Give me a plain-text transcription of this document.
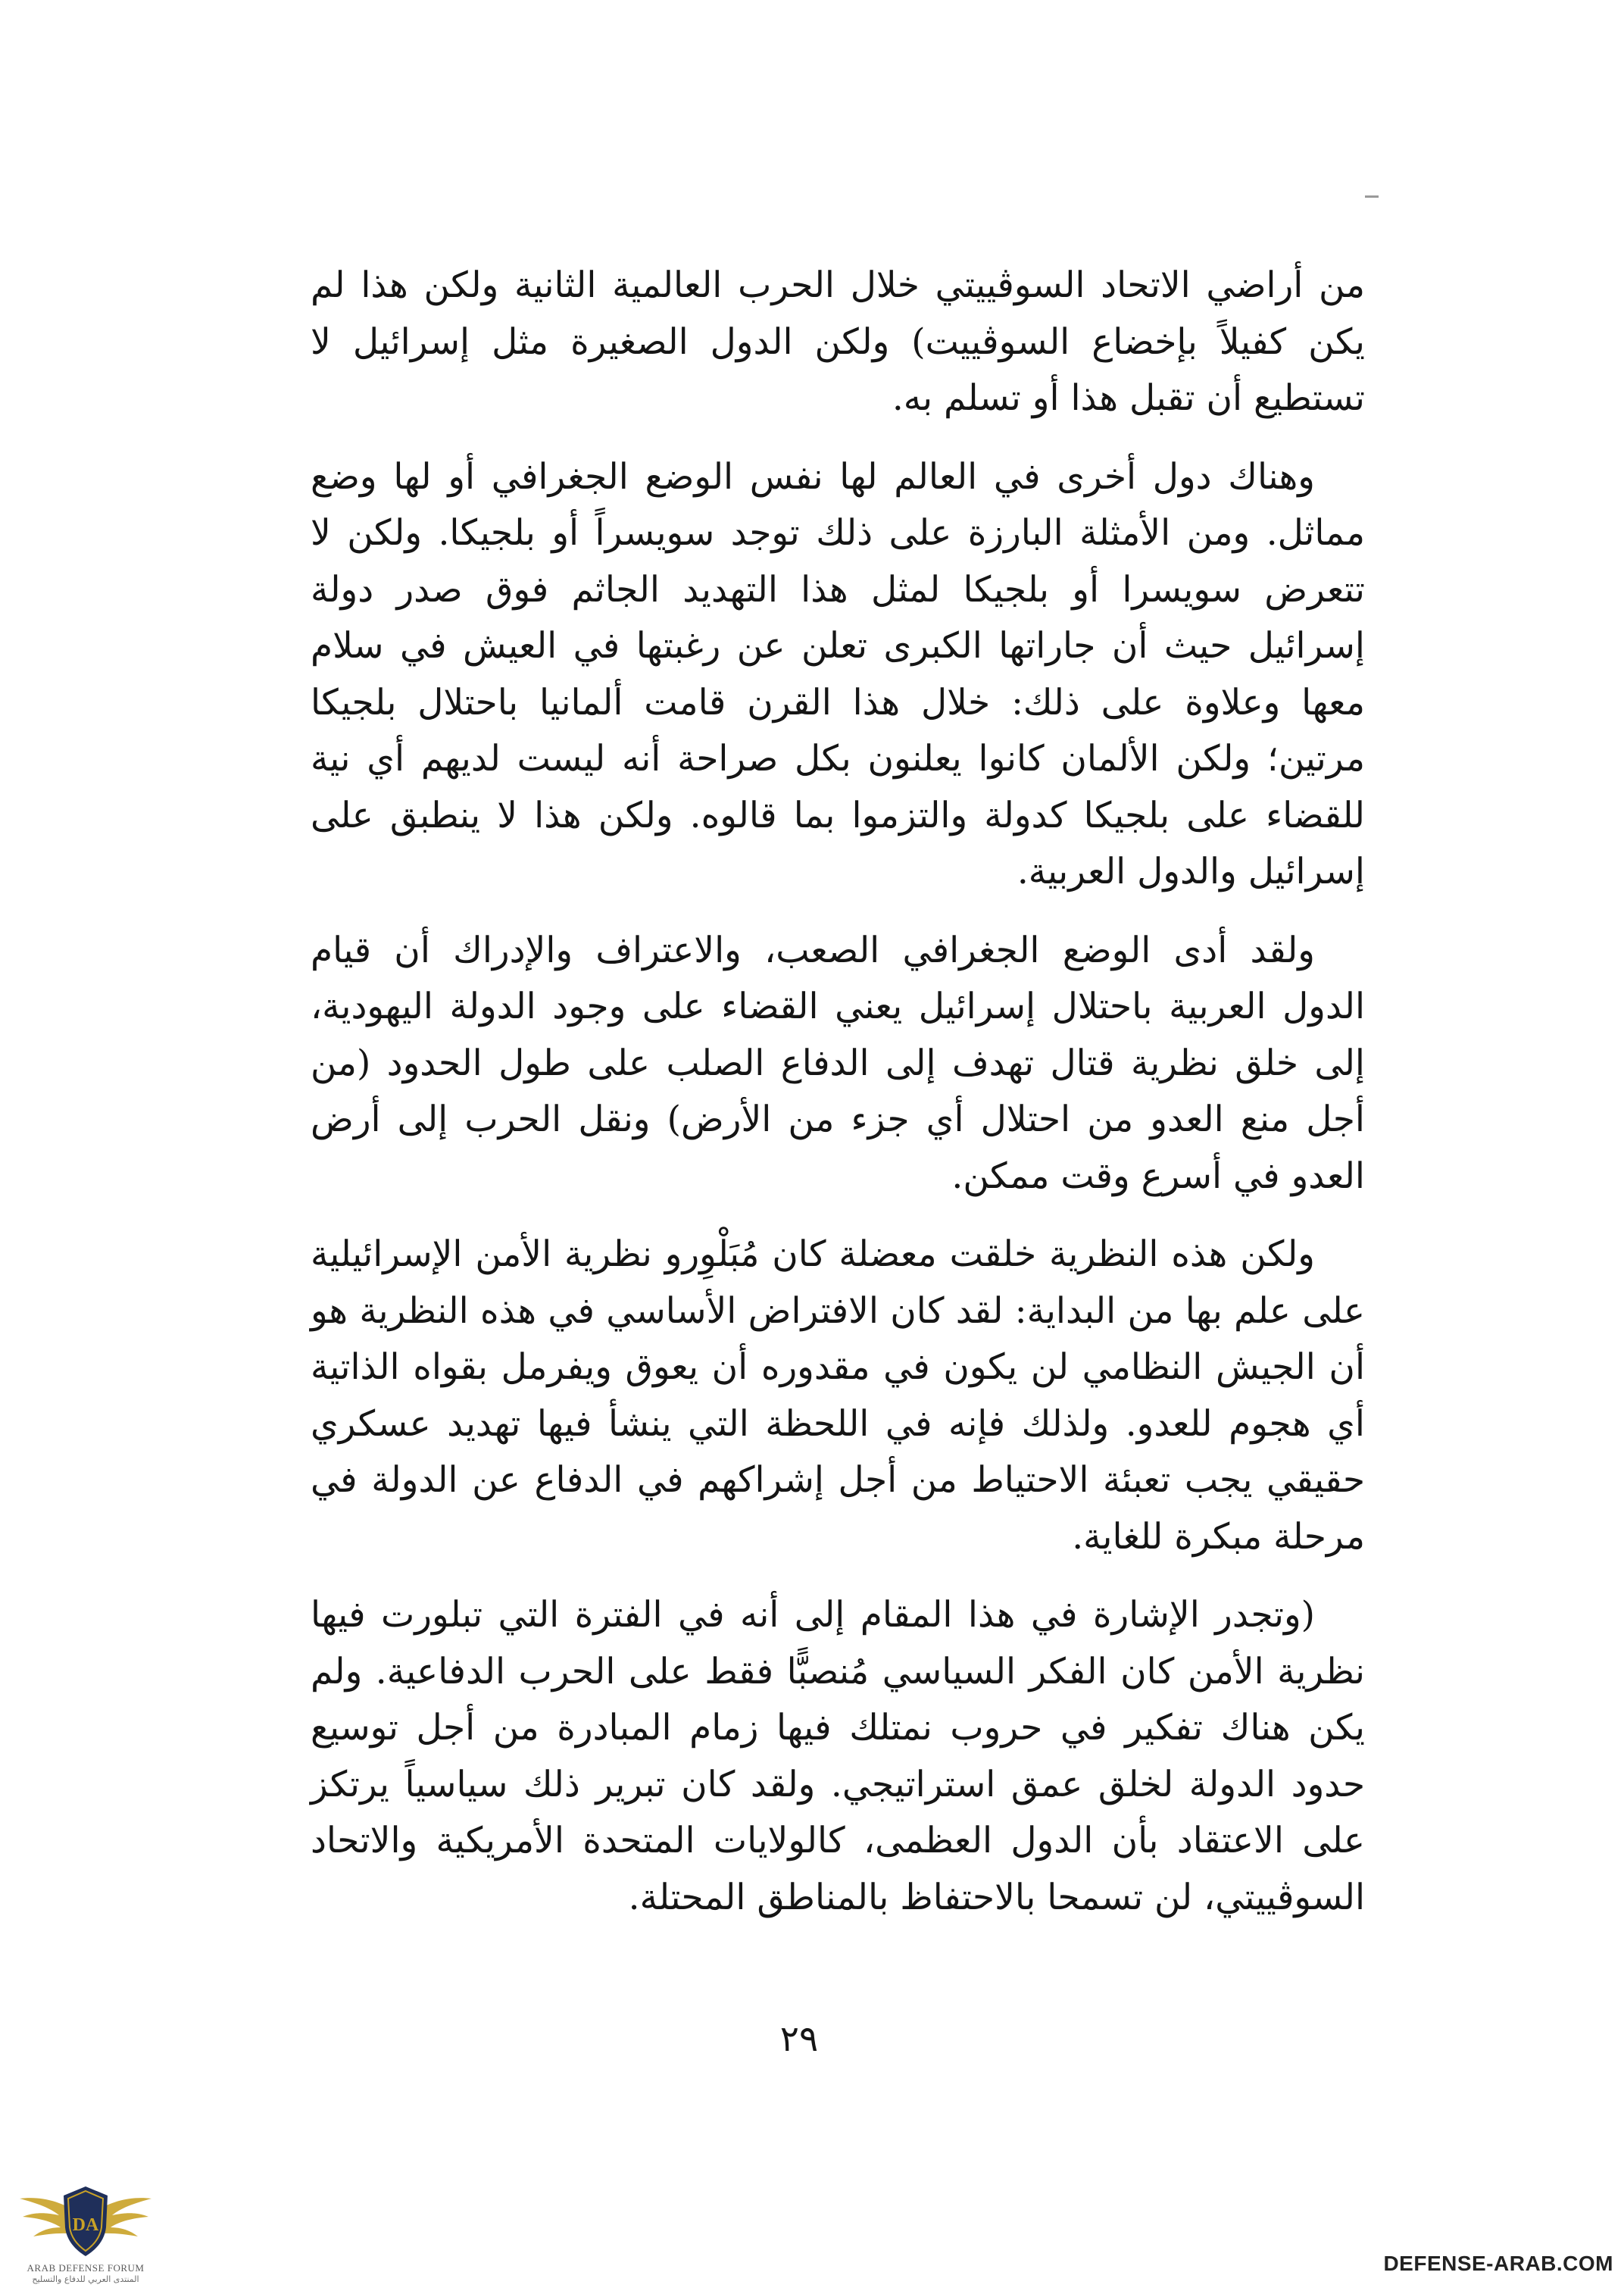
من أراضي الاتحاد السوڤييتي خلال الحرب العالمية الثانية ولكن هذا لم يكن كفيلاً بإخضاع السوڤييت) ولكن الدول الصغيرة مثل إسرائيل لا تستطيع أن تقبل هذا أو تسلم به.

وهناك دول أخرى في العالم لها نفس الوضع الجغرافي أو لها وضع مماثل. ومن الأمثلة البارزة على ذلك توجد سويسراً أو بلجيكا. ولكن لا تتعرض سويسرا أو بلجيكا لمثل هذا التهديد الجاثم فوق صدر دولة إسرائيل حيث أن جاراتها الكبرى تعلن عن رغبتها في العيش في سلام معها وعلاوة على ذلك: خلال هذا القرن قامت ألمانيا باحتلال بلجيكا مرتين؛ ولكن الألمان كانوا يعلنون بكل صراحة أنه ليست لديهم أي نية للقضاء على بلجيكا كدولة والتزموا بما قالوه. ولكن هذا لا ينطبق على إسرائيل والدول العربية.

ولقد أدى الوضع الجغرافي الصعب، والاعتراف والإدراك أن قيام الدول العربية باحتلال إسرائيل يعني القضاء على وجود الدولة اليهودية، إلى خلق نظرية قتال تهدف إلى الدفاع الصلب على طول الحدود (من أجل منع العدو من احتلال أي جزء من الأرض) ونقل الحرب إلى أرض العدو في أسرع وقت ممكن.

ولكن هذه النظرية خلقت معضلة كان مُبَلْوِرو نظرية الأمن الإسرائيلية على علم بها من البداية: لقد كان الافتراض الأساسي في هذه النظرية هو أن الجيش النظامي لن يكون في مقدوره أن يعوق ويفرمل بقواه الذاتية أي هجوم للعدو. ولذلك فإنه في اللحظة التي ينشأ فيها تهديد عسكري حقيقي يجب تعبئة الاحتياط من أجل إشراكهم في الدفاع عن الدولة في مرحلة مبكرة للغاية.

(وتجدر الإشارة في هذا المقام إلى أنه في الفترة التي تبلورت فيها نظرية الأمن كان الفكر السياسي مُنصبًّا فقط على الحرب الدفاعية. ولم يكن هناك تفكير في حروب نمتلك فيها زمام المبادرة من أجل توسيع حدود الدولة لخلق عمق استراتيجي. ولقد كان تبرير ذلك سياسياً يرتكز على الاعتقاد بأن الدول العظمى، كالولايات المتحدة الأمريكية والاتحاد السوڤييتي، لن تسمحا بالاحتفاظ بالمناطق المحتلة.

٢٩
DA
ARAB DEFENSE FORUM
المنتدى العربي للدفاع والتسليح
DEFENSE-ARAB.COM
